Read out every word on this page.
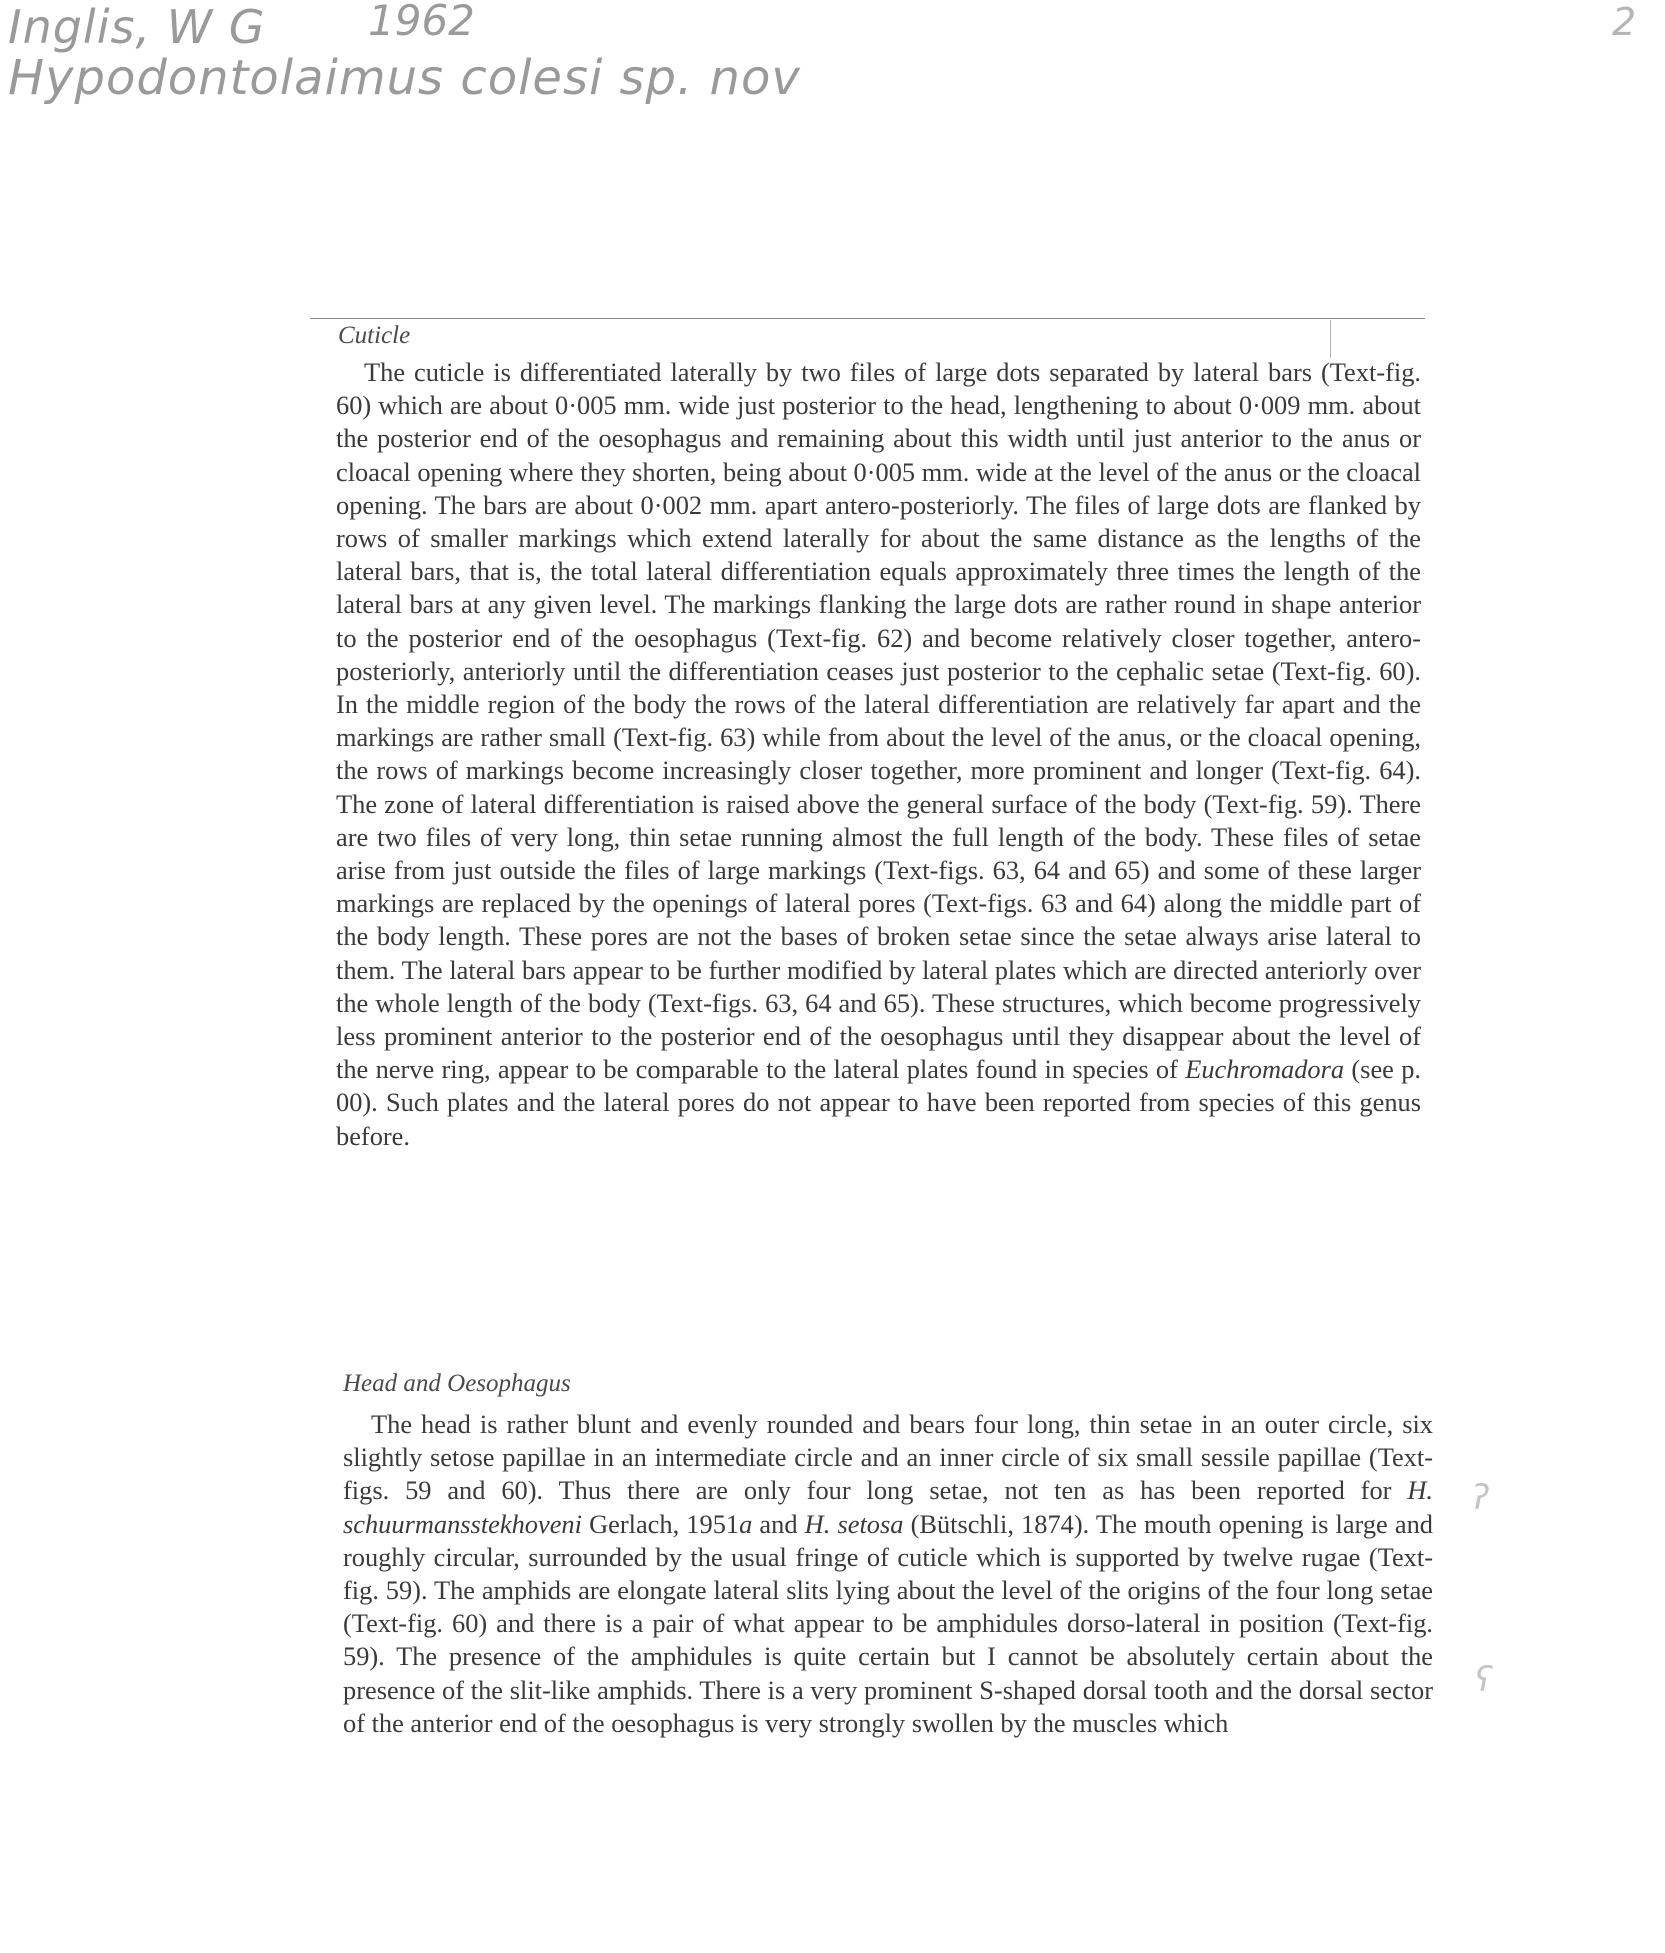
Inglis, W G 1962
Hypodontolaimus colesi sp. nov
2
Cuticle

The cuticle is differentiated laterally by two files of large dots separated by lateral bars (Text-fig. 60) which are about 0·005 mm. wide just posterior to the head, lengthening to about 0·009 mm. about the posterior end of the oesophagus and remaining about this width until just anterior to the anus or cloacal opening where they shorten, being about 0·005 mm. wide at the level of the anus or the cloacal opening. The bars are about 0·002 mm. apart antero-posteriorly. The files of large dots are flanked by rows of smaller markings which extend laterally for about the same distance as the lengths of the lateral bars, that is, the total lateral differentiation equals approximately three times the length of the lateral bars at any given level. The markings flanking the large dots are rather round in shape anterior to the posterior end of the oesophagus (Text-fig. 62) and become relatively closer together, antero-posteriorly, anteriorly until the differentiation ceases just posterior to the cephalic setae (Text-fig. 60). In the middle region of the body the rows of the lateral differentiation are relatively far apart and the markings are rather small (Text-fig. 63) while from about the level of the anus, or the cloacal opening, the rows of markings become increasingly closer together, more prominent and longer (Text-fig. 64). The zone of lateral differentiation is raised above the general surface of the body (Text-fig. 59). There are two files of very long, thin setae running almost the full length of the body. These files of setae arise from just outside the files of large markings (Text-figs. 63, 64 and 65) and some of these larger markings are replaced by the openings of lateral pores (Text-figs. 63 and 64) along the middle part of the body length. These pores are not the bases of broken setae since the setae always arise lateral to them. The lateral bars appear to be further modified by lateral plates which are directed anteriorly over the whole length of the body (Text-figs. 63, 64 and 65). These structures, which become progressively less prominent anterior to the posterior end of the oesophagus until they disappear about the level of the nerve ring, appear to be comparable to the lateral plates found in species of Euchromadora (see p. 00). Such plates and the lateral pores do not appear to have been reported from species of this genus before.

Head and Oesophagus

The head is rather blunt and evenly rounded and bears four long, thin setae in an outer circle, six slightly setose papillae in an intermediate circle and an inner circle of six small sessile papillae (Text-figs. 59 and 60). Thus there are only four long setae, not ten as has been reported for H. schuurmansstekhoveni Gerlach, 1951a and H. setosa (Bütschli, 1874). The mouth opening is large and roughly circular, surrounded by the usual fringe of cuticle which is supported by twelve rugae (Text-fig. 59). The amphids are elongate lateral slits lying about the level of the origins of the four long setae (Text-fig. 60) and there is a pair of what appear to be amphidules dorso-lateral in position (Text-fig. 59). The presence of the amphidules is quite certain but I cannot be absolutely certain about the presence of the slit-like amphids. There is a very prominent S-shaped dorsal tooth and the dorsal sector of the anterior end of the oesophagus is very strongly swollen by the muscles which

ʔ
ʕ
